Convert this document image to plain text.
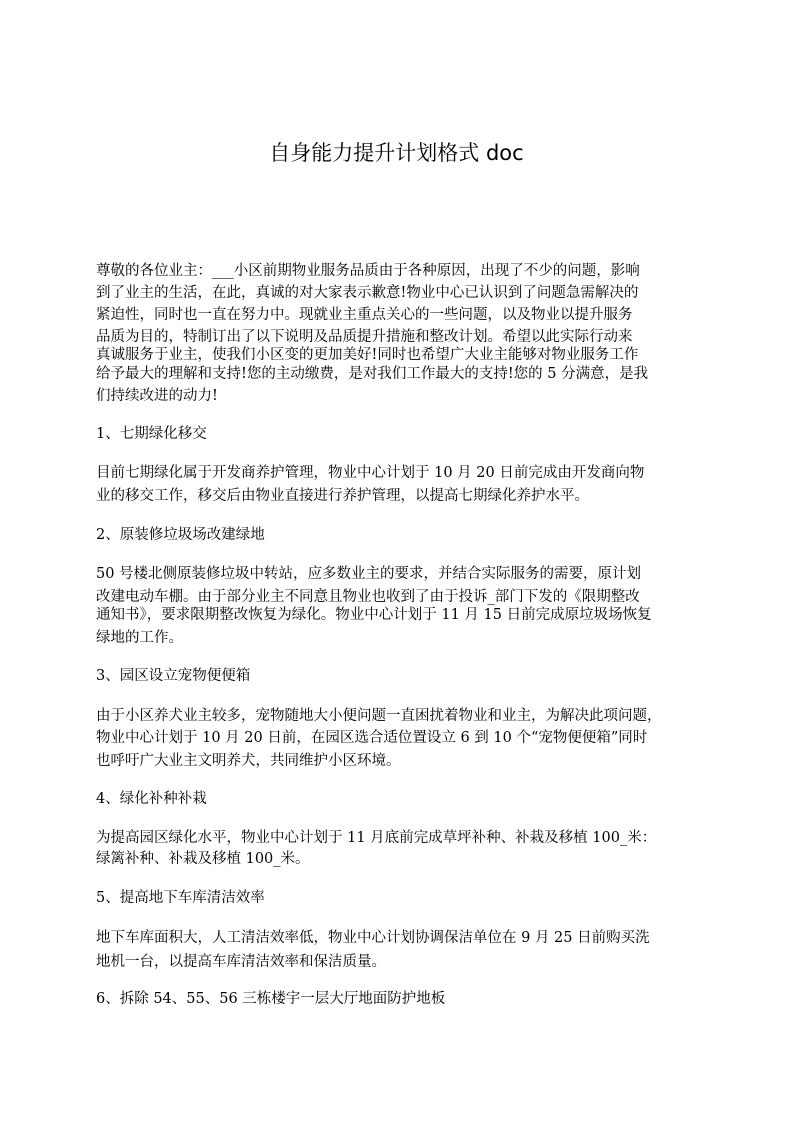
自身能力提升计划格式 doc
尊敬的各位业主：___小区前期物业服务品质由于各种原因，出现了不少的问题，影响
到了业主的生活，在此，真诚的对大家表示歉意!物业中心已认识到了问题急需解决的
紧迫性，同时也一直在努力中。现就业主重点关心的一些问题，以及物业以提升服务
品质为目的，特制订出了以下说明及品质提升措施和整改计划。希望以此实际行动来
真诚服务于业主，使我们小区变的更加美好!同时也希望广大业主能够对物业服务工作
给予最大的理解和支持!您的主动缴费，是对我们工作最大的支持!您的 5 分满意，是我
们持续改进的动力!
1、七期绿化移交
目前七期绿化属于开发商养护管理，物业中心计划于 10 月 20 日前完成由开发商向物
业的移交工作，移交后由物业直接进行养护管理，以提高七期绿化养护水平。
2、原装修垃圾场改建绿地
50 号楼北侧原装修垃圾中转站，应多数业主的要求，并结合实际服务的需要，原计划
改建电动车棚。由于部分业主不同意且物业也收到了由于投诉_部门下发的《限期整改
通知书》，要求限期整改恢复为绿化。物业中心计划于 11 月 15 日前完成原垃圾场恢复
绿地的工作。
3、园区设立宠物便便箱
由于小区养犬业主较多，宠物随地大小便问题一直困扰着物业和业主，为解决此项问题，
物业中心计划于 10 月 20 日前，在园区选合适位置设立 6 到 10 个“宠物便便箱”同时
也呼吁广大业主文明养犬，共同维护小区环境。
4、绿化补种补栽
为提高园区绿化水平，物业中心计划于 11 月底前完成草坪补种、补栽及移植 100_米：
绿篱补种、补栽及移植 100_米。
5、提高地下车库清洁效率
地下车库面积大，人工清洁效率低，物业中心计划协调保洁单位在 9 月 25 日前购买洗
地机一台，以提高车库清洁效率和保洁质量。
6、拆除 54、55、56 三栋楼宇一层大厅地面防护地板
